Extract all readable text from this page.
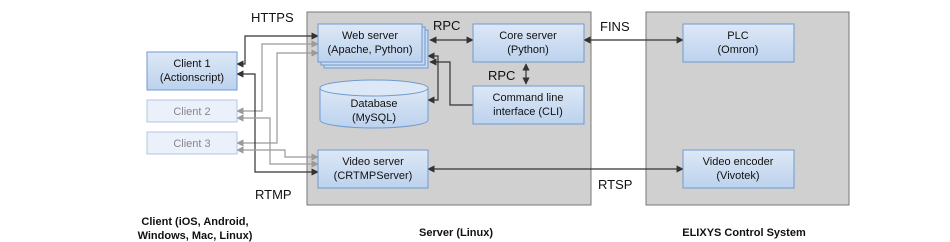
Client 1
(Actionscript)
Client 2
Client 3
Web server
(Apache, Python)
Core server
(Python)
Database
(MySQL)
Command line
interface (CLI)
Video server
(CRTMPServer)
PLC
(Omron)
Video encoder
(Vivotek)
HTTPS
RTMP
RPC
RPC
FINS
RTSP
Client (iOS, Android,
Windows, Mac, Linux)	Server (Linux)	ELIXYS Control System
